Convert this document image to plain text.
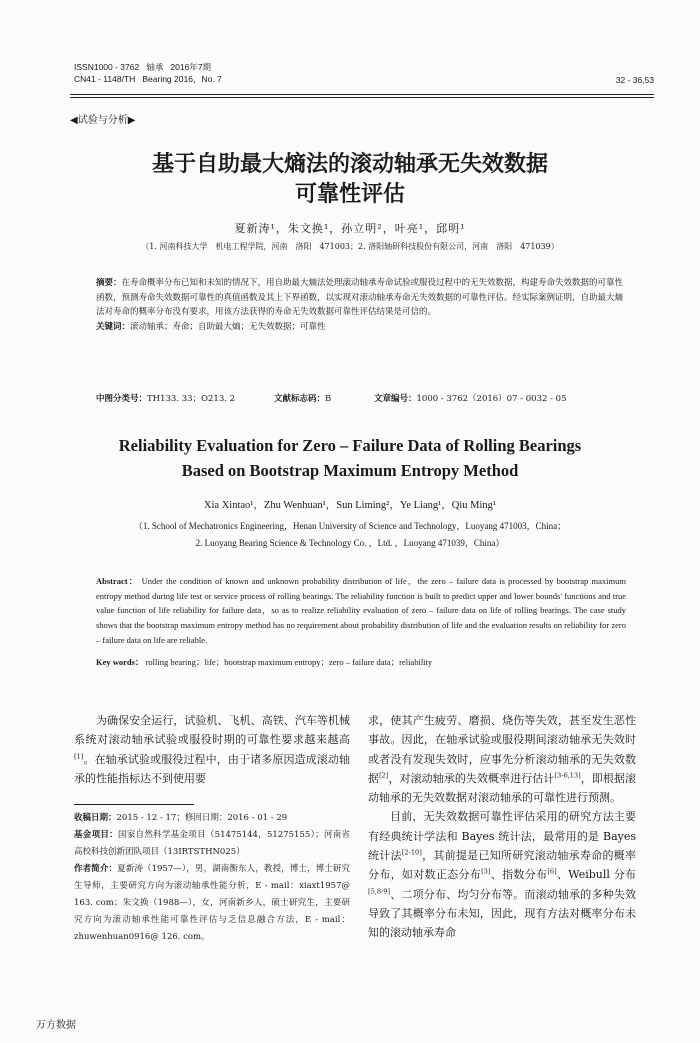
ISSN1000 - 3762 轴承 2016年7期
CN41 - 1148/TH Bearing 2016，No. 7	32 - 36,53
◀试验与分析▶
基于自助最大熵法的滚动轴承无失效数据
可靠性评估
夏新涛¹，朱文换¹，孙立明²，叶亮¹，邱明¹
（1. 河南科技大学　机电工程学院，河南　洛阳　471003；2. 洛阳轴研科技股份有限公司，河南　洛阳　471039）

摘要：在寿命概率分布已知和未知的情况下，用自助最大熵法处理滚动轴承寿命试验或服役过程中的无失效数据，构建寿命失效数据的可靠性函数，预测寿命失效数据可靠性的真值函数及其上下界函数，以实现对滚动轴承寿命无失效数据的可靠性评估。经实际案例证明，自助最大熵法对寿命的概率分布没有要求，用该方法获得的寿命无失效数据可靠性评估结果是可信的。

关键词：滚动轴承；寿命；自助最大熵；无失效数据；可靠性

中图分类号：TH133. 33；O213. 2	文献标志码：B	文章编号：1000 - 3762（2016）07 - 0032 - 05
Reliability Evaluation for Zero – Failure Data of Rolling Bearings
Based on Bootstrap Maximum Entropy Method
Xia Xintao¹，Zhu Wenhuan¹，Sun Liming²，Ye Liang¹，Qiu Ming¹
（1. School of Mechatronics Engineering，Henan University of Science and Technology，Luoyang 471003，China；
2. Luoyang Bearing Science & Technology Co. ，Ltd. ，Luoyang 471039，China）
Abstract： Under the condition of known and unknown probability distribution of life，the zero – failure data is processed by bootstrap maximum entropy method during life test or service process of rolling bearings. The reliability function is built to predict upper and lower bounds' functions and true value function of life reliability for failure data，so as to realize reliability evaluation of zero – failure data on life of rolling bearings. The case study shows that the bootstrap maximum entropy method has no requirement about probability distribution of life and the evaluation results on reliability for zero – failure data on life are reliable.
Key words： rolling bearing；life；bootstrap maximum entropy；zero – failure data；reliability

为确保安全运行，试验机、飞机、高铁、汽车等机械系统对滚动轴承试验或服役时期的可靠性要求越来越高[1]。在轴承试验或服役过程中，由于诸多原因造成滚动轴承的性能指标达不到使用要

收稿日期：2015 - 12 - 17；修回日期：2016 - 01 - 29

基金项目：国家自然科学基金项目（51475144，51275155）；河南省高校科技创新团队项目（13IRTSTHN025）

作者简介：夏新涛（1957—），男，湖南衡东人，教授，博士，博士研究生导师，主要研究方向为滚动轴承性能分析，E - mail：xiaxt1957@ 163. com；朱文换（1988—），女，河南新乡人，硕士研究生，主要研究方向为滚动轴承性能可靠性评估与乏信息融合方法，E - mail：zhuwenhuan0916@ 126. com。

求，使其产生疲劳、磨损、烧伤等失效，甚至发生恶性事故。因此，在轴承试验或服役期间滚动轴承无失效时或者没有发现失效时，应事先分析滚动轴承的无失效数据[2]，对滚动轴承的失效概率进行估计[3-6,13]，即根据滚动轴承的无失效数据对滚动轴承的可靠性进行预测。

目前，无失效数据可靠性评估采用的研究方法主要有经典统计学法和 Bayes 统计法，最常用的是 Bayes 统计法[2-10]，其前提是已知所研究滚动轴承寿命的概率分布，如对数正态分布[3]、指数分布[6]、Weibull 分布[5,8-9]、二项分布、均匀分布等。而滚动轴承的多种失效导致了其概率分布未知，因此，现有方法对概率分布未知的滚动轴承寿命

万方数据
